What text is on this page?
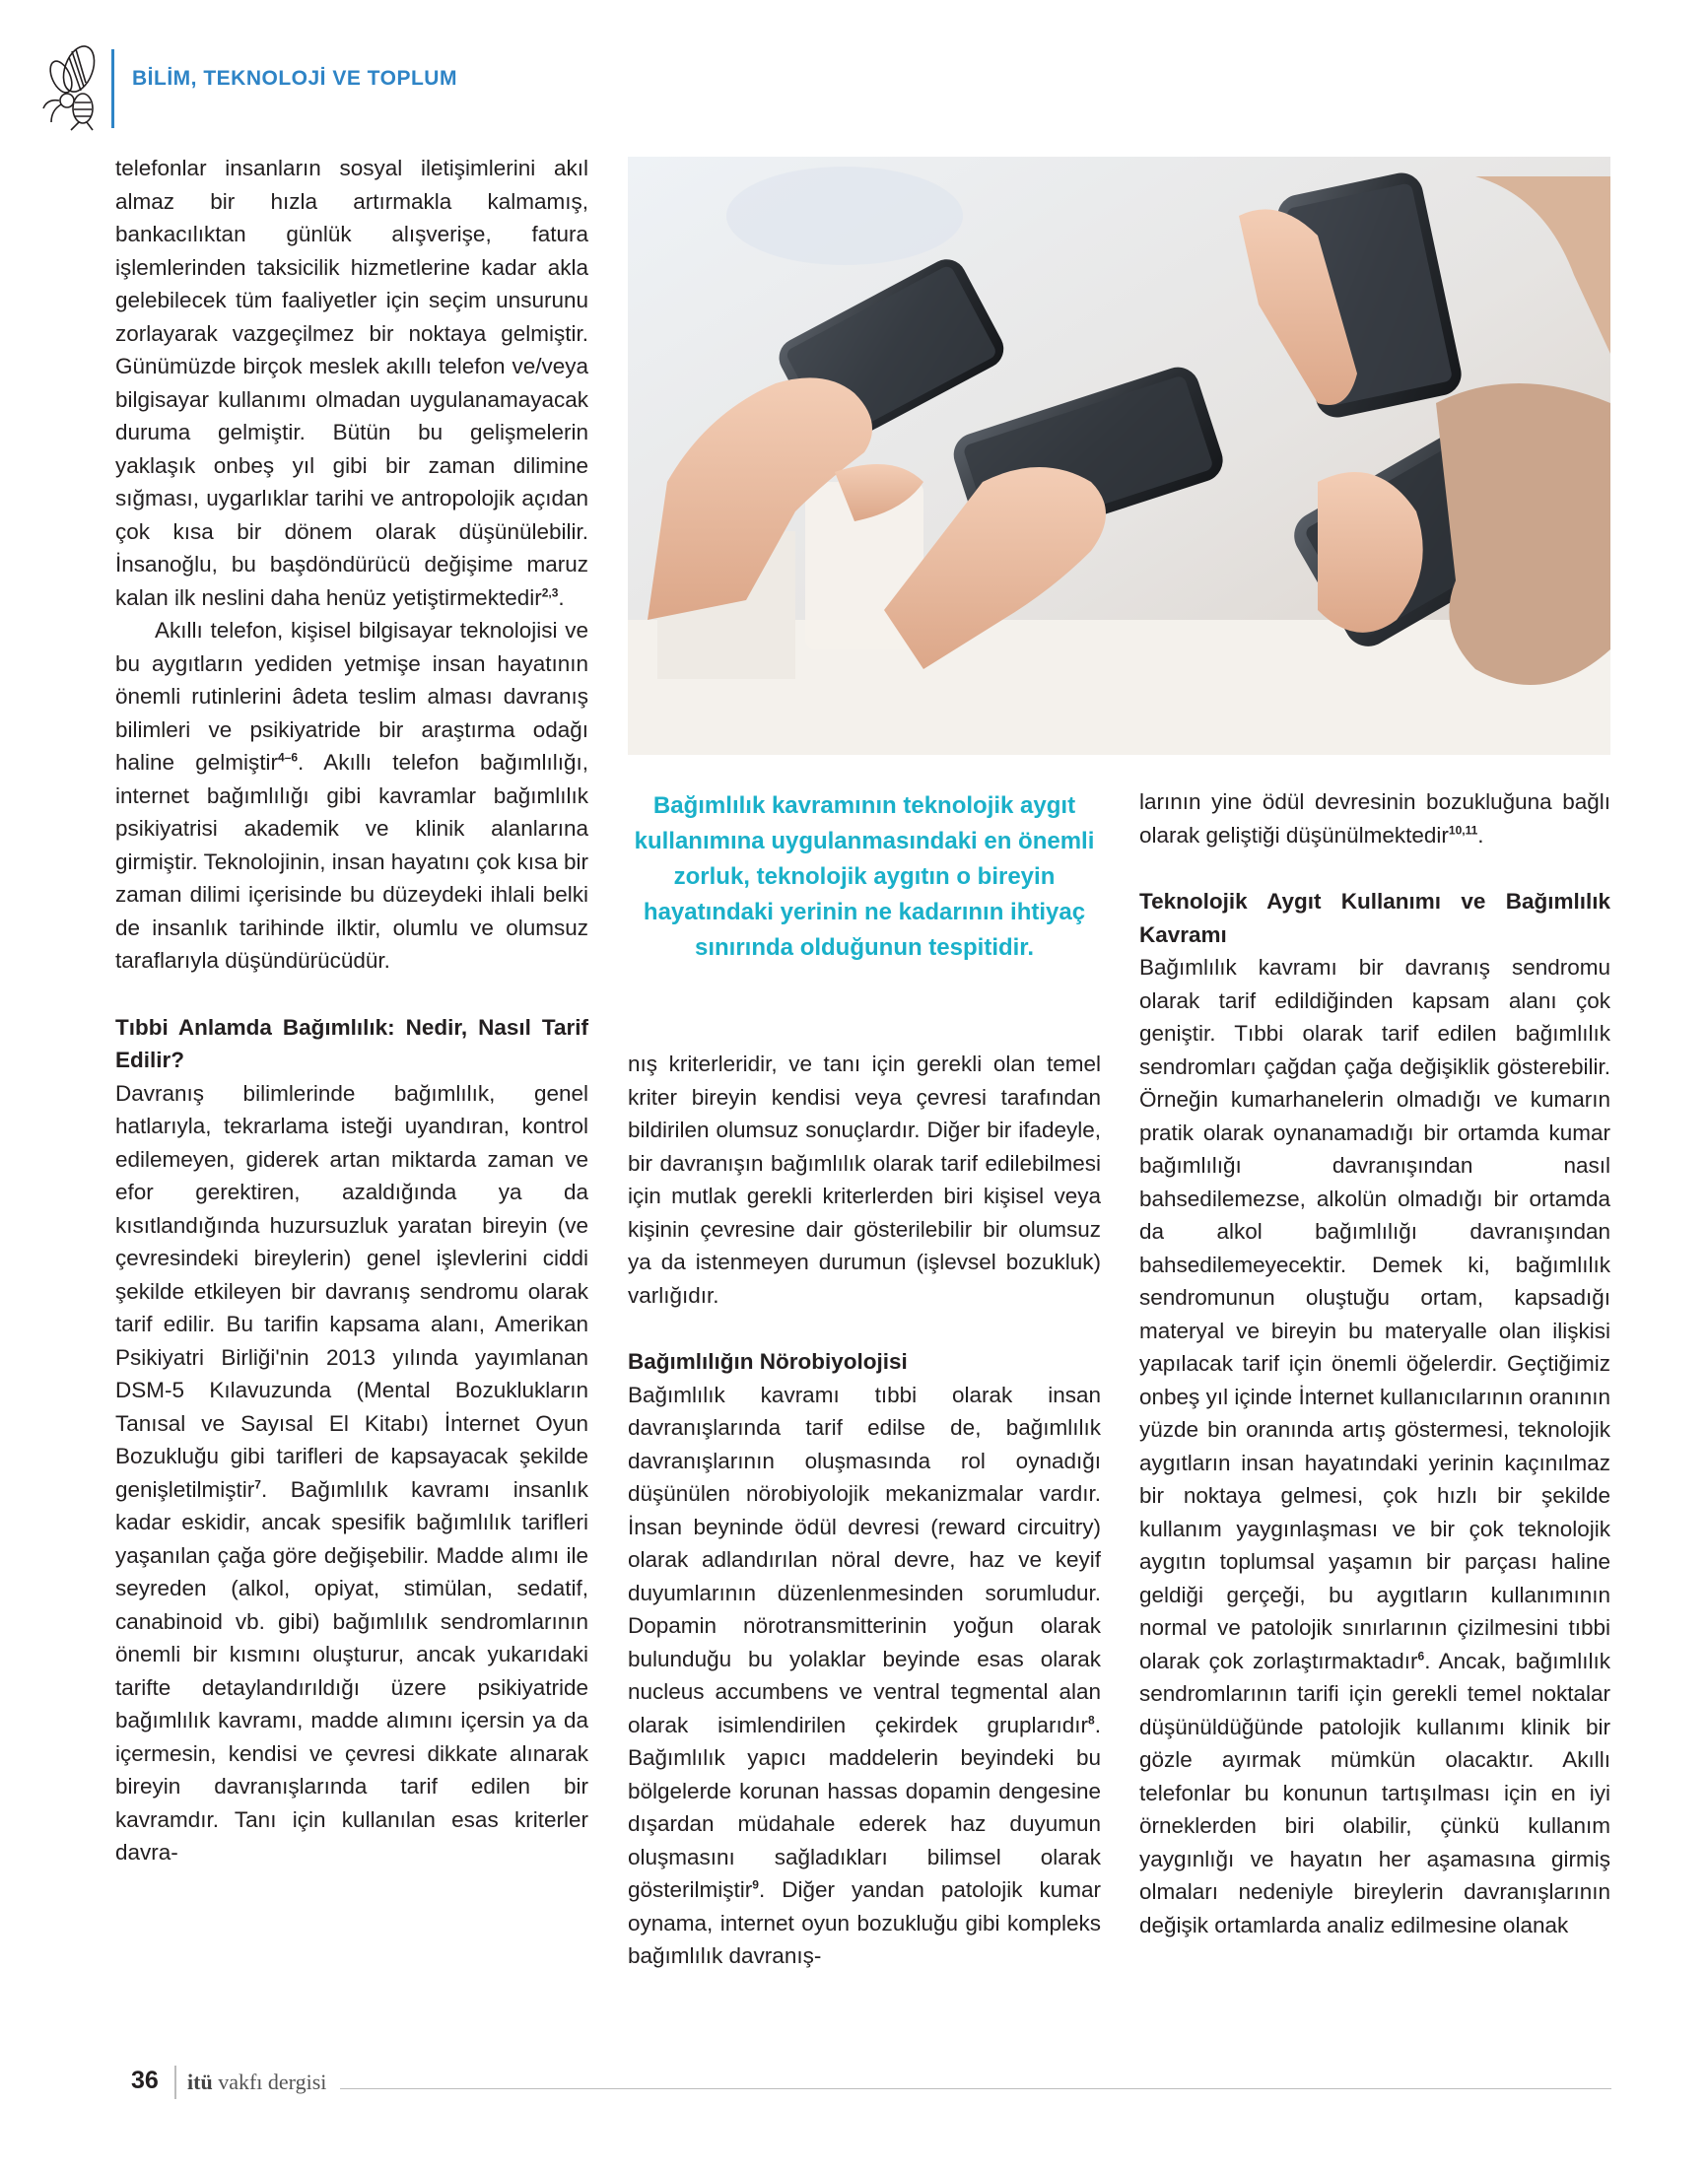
BİLİM, TEKNOLOJİ VE TOPLUM

telefonlar insanların sosyal iletişimlerini akıl almaz bir hızla artırmakla kalmamış, bankacılıktan günlük alışverişe, fatura işlemlerinden taksicilik hizmetlerine kadar akla gelebilecek tüm faaliyetler için seçim unsurunu zorlayarak vazgeçilmez bir noktaya gelmiştir. Günümüzde birçok meslek akıllı telefon ve/veya bilgisayar kullanımı olmadan uygulanamayacak duruma gelmiştir. Bütün bu gelişmelerin yaklaşık onbeş yıl gibi bir zaman dilimine sığması, uygarlıklar tarihi ve antropolojik açıdan çok kısa bir dönem olarak düşünülebilir. İnsanoğlu, bu başdöndürücü değişime maruz kalan ilk neslini daha henüz yetiştirmektedir$^{2,3}$.

Akıllı telefon, kişisel bilgisayar teknolojisi ve bu aygıtların yediden yetmişe insan hayatının önemli rutinlerini âdeta teslim alması davranış bilimleri ve psikiyatride bir araştırma odağı haline gelmiştir$^{4-6}$. Akıllı telefon bağımlılığı, internet bağımlılığı gibi kavramlar bağımlılık psikiyatrisi akademik ve klinik alanlarına girmiştir. Teknolojinin, insan hayatını çok kısa bir zaman dilimi içerisinde bu düzeydeki ihlali belki de insanlık tarihinde ilktir, olumlu ve olumsuz taraflarıyla düşündürücüdür.

Tıbbi Anlamda Bağımlılık: Nedir, Nasıl Tarif Edilir?

Davranış bilimlerinde bağımlılık, genel hatlarıyla, tekrarlama isteği uyandıran, kontrol edilemeyen, giderek artan miktarda zaman ve efor gerektiren, azaldığında ya da kısıtlandığında huzursuzluk yaratan bireyin (ve çevresindeki bireylerin) genel işlevlerini ciddi şekilde etkileyen bir davranış sendromu olarak tarif edilir. Bu tarifin kapsama alanı, Amerikan Psikiyatri Birliği'nin 2013 yılında yayımlanan DSM-5 Kılavuzunda (Mental Bozuklukların Tanısal ve Sayısal El Kitabı) İnternet Oyun Bozukluğu gibi tarifleri de kapsayacak şekilde genişletilmiştir$^7$. Bağımlılık kavramı insanlık kadar eskidir, ancak spesifik bağımlılık tarifleri yaşanılan çağa göre değişebilir. Madde alımı ile seyreden (alkol, opiyat, stimülan, sedatif, canabinoid vb. gibi) bağımlılık sendromlarının önemli bir kısmını oluşturur, ancak yukarıdaki tarifte detaylandırıldığı üzere psikiyatride bağımlılık kavramı, madde alımını içersin ya da içermesin, kendisi ve çevresi dikkate alınarak bireyin davranışlarında tarif edilen bir kavramdır. Tanı için kullanılan esas kriterler davra-

Bağımlılık kavramının teknolojik aygıt kullanımına uygulanmasındaki en önemli zorluk, teknolojik aygıtın o bireyin hayatındaki yerinin ne kadarının ihtiyaç sınırında olduğunun tespitidir.

nış kriterleridir, ve tanı için gerekli olan temel kriter bireyin kendisi veya çevresi tarafından bildirilen olumsuz sonuçlardır. Diğer bir ifadeyle, bir davranışın bağımlılık olarak tarif edilebilmesi için mutlak gerekli kriterlerden biri kişisel veya kişinin çevresine dair gösterilebilir bir olumsuz ya da istenmeyen durumun (işlevsel bozukluk) varlığıdır.

Bağımlılığın Nörobiyolojisi

Bağımlılık kavramı tıbbi olarak insan davranışlarında tarif edilse de, bağımlılık davranışlarının oluşmasında rol oynadığı düşünülen nörobiyolojik mekanizmalar vardır. İnsan beyninde ödül devresi (reward circuitry) olarak adlandırılan nöral devre, haz ve keyif duyumlarının düzenlenmesinden sorumludur. Dopamin nörotransmitterinin yoğun olarak bulunduğu bu yolaklar beyinde esas olarak nucleus accumbens ve ventral tegmental alan olarak isimlendirilen çekirdek gruplarıdır$^8$. Bağımlılık yapıcı maddelerin beyindeki bu bölgelerde korunan hassas dopamin dengesine dışardan müdahale ederek haz duyumun oluşmasını sağladıkları bilimsel olarak gösterilmiştir$^9$. Diğer yandan patolojik kumar oynama, internet oyun bozukluğu gibi kompleks bağımlılık davranış-

larının yine ödül devresinin bozukluğuna bağlı olarak geliştiği düşünülmektedir$^{10,11}$.

Teknolojik Aygıt Kullanımı ve Bağımlılık Kavramı

Bağımlılık kavramı bir davranış sendromu olarak tarif edildiğinden kapsam alanı çok geniştir. Tıbbi olarak tarif edilen bağımlılık sendromları çağdan çağa değişiklik gösterebilir. Örneğin kumarhanelerin olmadığı ve kumarın pratik olarak oynanamadığı bir ortamda kumar bağımlılığı davranışından nasıl bahsedilemezse, alkolün olmadığı bir ortamda da alkol bağımlılığı davranışından bahsedilemeyecektir. Demek ki, bağımlılık sendromunun oluştuğu ortam, kapsadığı materyal ve bireyin bu materyalle olan ilişkisi yapılacak tarif için önemli öğelerdir. Geçtiğimiz onbeş yıl içinde İnternet kullanıcılarının oranının yüzde bin oranında artış göstermesi, teknolojik aygıtların insan hayatındaki yerinin kaçınılmaz bir noktaya gelmesi, çok hızlı bir şekilde kullanım yaygınlaşması ve bir çok teknolojik aygıtın toplumsal yaşamın bir parçası haline geldiği gerçeği, bu aygıtların kullanımının normal ve patolojik sınırlarının çizilmesini tıbbi olarak çok zorlaştırmaktadır$^6$. Ancak, bağımlılık sendromlarının tarifi için gerekli temel noktalar düşünüldüğünde patolojik kullanımı klinik bir gözle ayırmak mümkün olacaktır. Akıllı telefonlar bu konunun tartışılması için en iyi örneklerden biri olabilir, çünkü kullanım yaygınlığı ve hayatın her aşamasına girmiş olmaları nedeniyle bireylerin davranışlarının değişik ortamlarda analiz edilmesine olanak

36 itü vakfı dergisi
